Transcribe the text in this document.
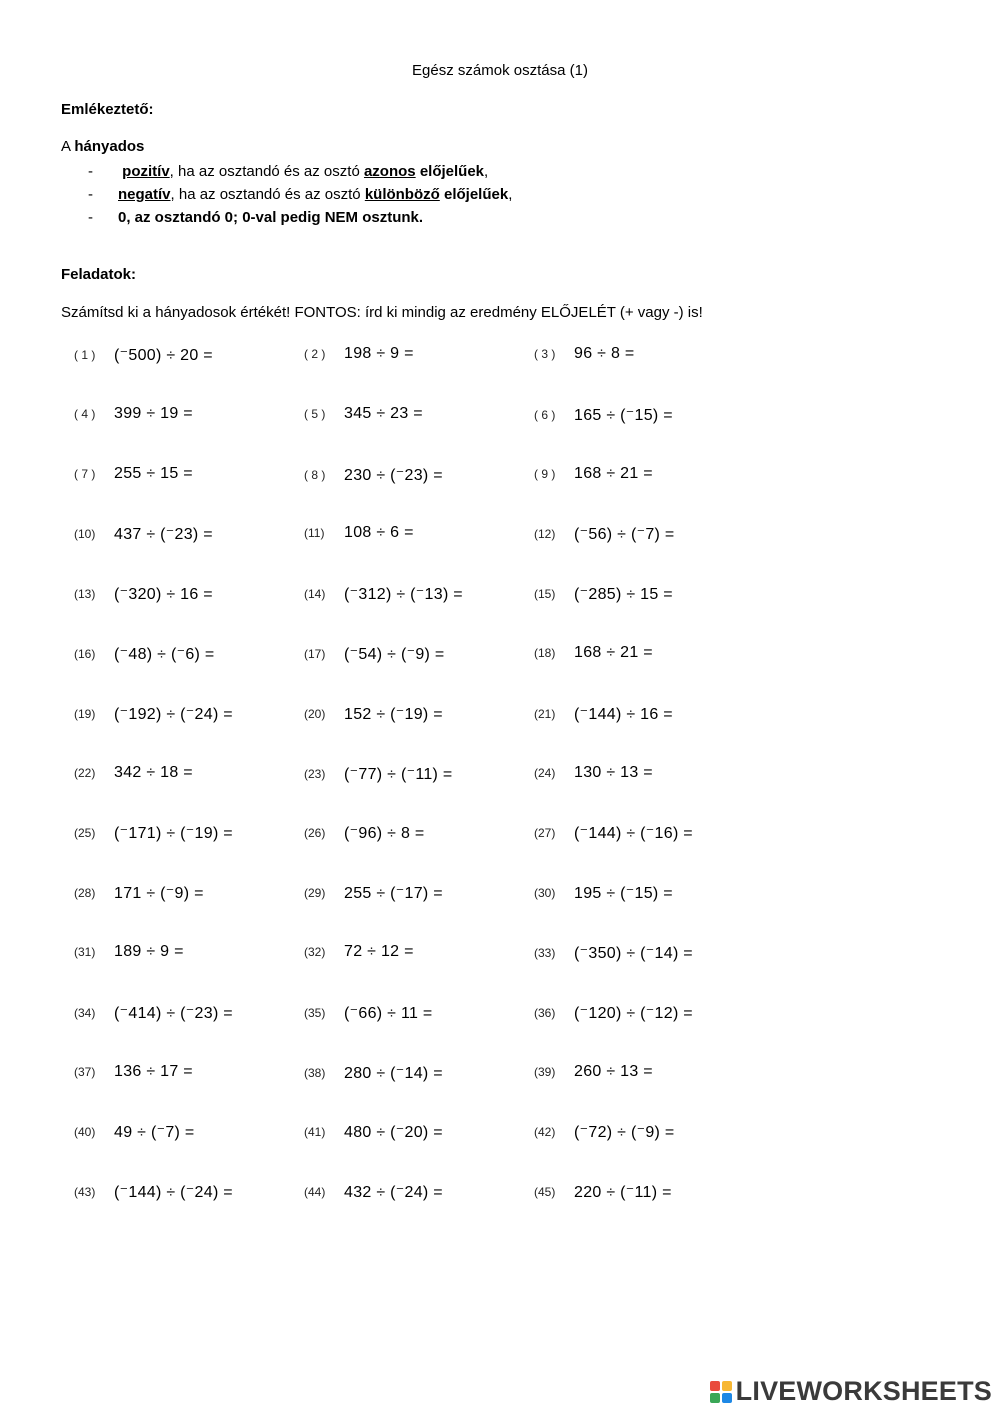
Egész számok osztása (1)
Emlékeztető:
A hányados
-	pozitív, ha az osztandó és az osztó azonos előjelűek,
-	negatív, ha az osztandó és az osztó különböző előjelűek,
-	0, az osztandó 0; 0-val pedig NEM osztunk.
Feladatok:
Számítsd ki a hányadosok értékét! FONTOS: írd ki mindig az eredmény ELŐJELÉT (+ vagy -) is!
( 1 ) (⁻500) ÷ 20 =	( 2 ) 198 ÷ 9 =	( 3 ) 96 ÷ 8 =
( 4 ) 399 ÷ 19 =	( 5 ) 345 ÷ 23 =	( 6 ) 165 ÷ (⁻15) =
( 7 ) 255 ÷ 15 =	( 8 ) 230 ÷ (⁻23) =	( 9 ) 168 ÷ 21 =
(10) 437 ÷ (⁻23) =	(11) 108 ÷ 6 =	(12) (⁻56) ÷ (⁻7) =
(13) (⁻320) ÷ 16 =	(14) (⁻312) ÷ (⁻13) =	(15) (⁻285) ÷ 15 =
(16) (⁻48) ÷ (⁻6) =	(17) (⁻54) ÷ (⁻9) =	(18) 168 ÷ 21 =
(19) (⁻192) ÷ (⁻24) =	(20) 152 ÷ (⁻19) =	(21) (⁻144) ÷ 16 =
(22) 342 ÷ 18 =	(23) (⁻77) ÷ (⁻11) =	(24) 130 ÷ 13 =
(25) (⁻171) ÷ (⁻19) =	(26) (⁻96) ÷ 8 =	(27) (⁻144) ÷ (⁻16) =
(28) 171 ÷ (⁻9) =	(29) 255 ÷ (⁻17) =	(30) 195 ÷ (⁻15) =
(31) 189 ÷ 9 =	(32) 72 ÷ 12 =	(33) (⁻350) ÷ (⁻14) =
(34) (⁻414) ÷ (⁻23) =	(35) (⁻66) ÷ 11 =	(36) (⁻120) ÷ (⁻12) =
(37) 136 ÷ 17 =	(38) 280 ÷ (⁻14) =	(39) 260 ÷ 13 =
(40) 49 ÷ (⁻7) =	(41) 480 ÷ (⁻20) =	(42) (⁻72) ÷ (⁻9) =
(43) (⁻144) ÷ (⁻24) =	(44) 432 ÷ (⁻24) =	(45) 220 ÷ (⁻11) =
LIVEWORKSHEETS
